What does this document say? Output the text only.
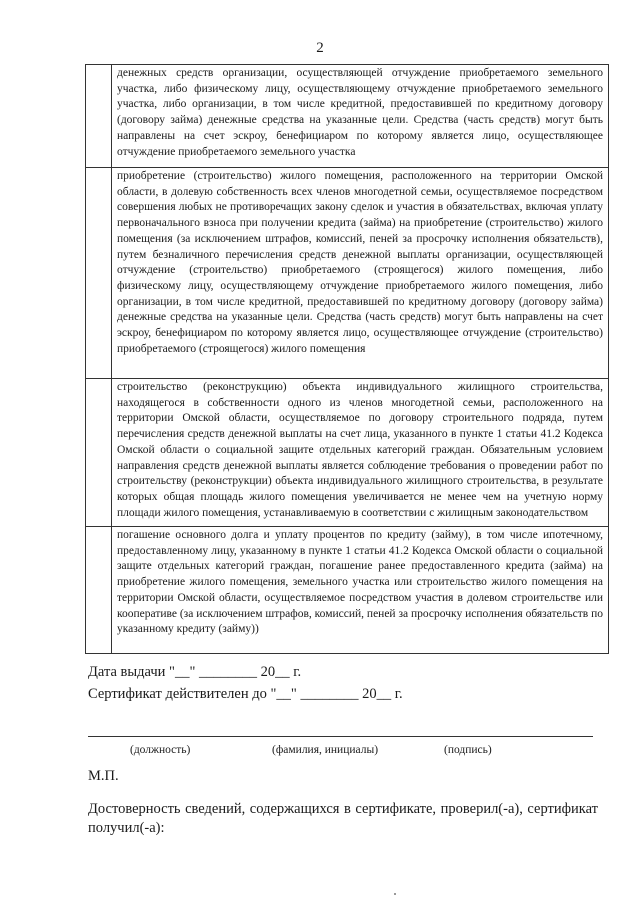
2
	денежных средств организации, осуществляющей отчуждение приобретаемого земельного участка, либо физическому лицу, осуществляющему отчуждение приобретаемого земельного участка, либо организации, в том числе кредитной, предоставившей по кредитному договору (договору займа) денежные средства на указанные цели. Средства (часть средств) могут быть направлены на счет эскроу, бенефициаром по которому является лицо, осуществляющее отчуждение приобретаемого земельного участка
	приобретение (строительство) жилого помещения, расположенного на территории Омской области, в долевую собственность всех членов многодетной семьи, осуществляемое посредством совершения любых не противоречащих закону сделок и участия в обязательствах, включая уплату первоначального взноса при получении кредита (займа) на приобретение (строительство) жилого помещения (за исключением штрафов, комиссий, пеней за просрочку исполнения обязательств), путем безналичного перечисления средств денежной выплаты организации, осуществляющей отчуждение (строительство) приобретаемого (строящегося) жилого помещения, либо физическому лицу, осуществляющему отчуждение приобретаемого жилого помещения, либо организации, в том числе кредитной, предоставившей по кредитному договору (договору займа) денежные средства на указанные цели. Средства (часть средств) могут быть направлены на счет эскроу, бенефициаром по которому является лицо, осуществляющее отчуждение (строительство) приобретаемого (строящегося) жилого помещения
	строительство (реконструкцию) объекта индивидуального жилищного строительства, находящегося в собственности одного из членов многодетной семьи, расположенного на территории Омской области, осуществляемое по договору строительного подряда, путем перечисления средств денежной выплаты на счет лица, указанного в пункте 1 статьи 41.2 Кодекса Омской области о социальной защите отдельных категорий граждан. Обязательным условием направления средств денежной выплаты является соблюдение требования о проведении работ по строительству (реконструкции) объекта индивидуального жилищного строительства, в результате которых общая площадь жилого помещения увеличивается не менее чем на учетную норму площади жилого помещения, устанавливаемую в соответствии с жилищным законодательством
	погашение основного долга и уплату процентов по кредиту (займу), в том числе ипотечному, предоставленному лицу, указанному в пункте 1 статьи 41.2 Кодекса Омской области о социальной защите отдельных категорий граждан, погашение ранее предоставленного кредита (займа) на приобретение жилого помещения, земельного участка или строительство жилого помещения на территории Омской области, осуществляемое посредством участия в долевом строительстве или кооперативе (за исключением штрафов, комиссий, пеней за просрочку исполнения обязательств по указанному кредиту (займу))
Дата выдачи "__" ________ 20__ г.
Сертификат действителен до "__" ________ 20__ г.
(должность)	(фамилия, инициалы)	(подпись)
М.П.
Достоверность сведений, содержащихся в сертификате, проверил(-а), сертификат получил(-а):
